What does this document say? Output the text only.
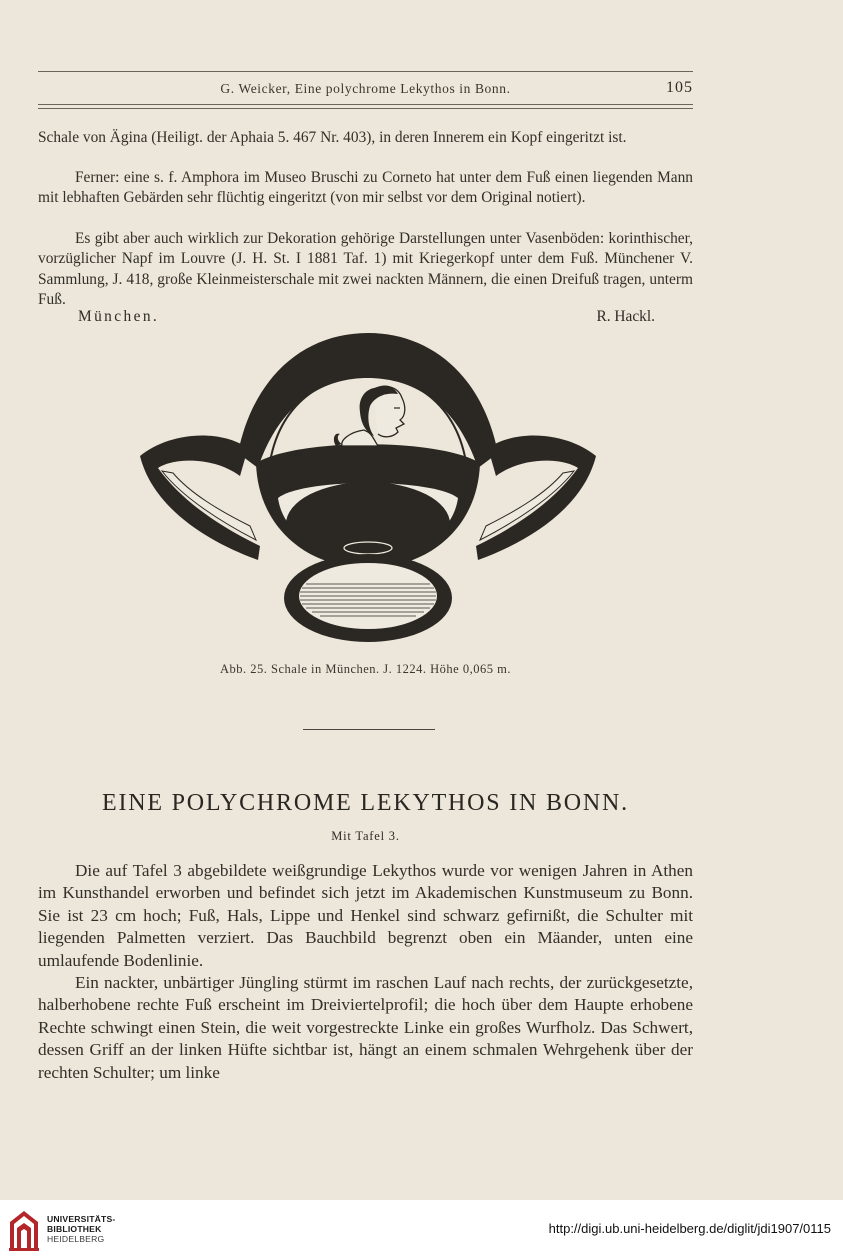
G. Weicker, Eine polychrome Lekythos in Bonn.	105

Schale von Ägina (Heiligt. der Aphaia 5. 467 Nr. 403), in deren Innerem ein Kopf eingeritzt ist.

Ferner: eine s. f. Amphora im Museo Bruschi zu Corneto hat unter dem Fuß einen liegenden Mann mit lebhaften Gebärden sehr flüchtig eingeritzt (von mir selbst vor dem Original notiert).

Es gibt aber auch wirklich zur Dekoration gehörige Darstellungen unter Vasenböden: korinthischer, vorzüglicher Napf im Louvre (J. H. St. I 1881 Taf. 1) mit Kriegerkopf unter dem Fuß. Münchener V. Sammlung, J. 418, große Kleinmeisterschale mit zwei nackten Männern, die einen Dreifuß tragen, unterm Fuß.

München.	R. Hackl.
Abb. 25. Schale in München. J. 1224. Höhe 0,065 m.
EINE POLYCHROME LEKYTHOS IN BONN.
Mit Tafel 3.

Die auf Tafel 3 abgebildete weißgrundige Lekythos wurde vor wenigen Jahren in Athen im Kunsthandel erworben und befindet sich jetzt im Akademischen Kunstmuseum zu Bonn. Sie ist 23 cm hoch; Fuß, Hals, Lippe und Henkel sind schwarz gefirnißt, die Schulter mit liegenden Palmetten verziert. Das Bauchbild begrenzt oben ein Mäander, unten eine umlaufende Bodenlinie.

Ein nackter, unbärtiger Jüngling stürmt im raschen Lauf nach rechts, der zurückgesetzte, halberhobene rechte Fuß erscheint im Dreiviertelprofil; die hoch über dem Haupte erhobene Rechte schwingt einen Stein, die weit vorgestreckte Linke ein großes Wurfholz. Das Schwert, dessen Griff an der linken Hüfte sichtbar ist, hängt an einem schmalen Wehrgehenk über der rechten Schulter; um linke

UNIVERSITÄTS-
BIBLIOTHEK
HEIDELBERG
http://digi.ub.uni-heidelberg.de/diglit/jdi1907/0115
